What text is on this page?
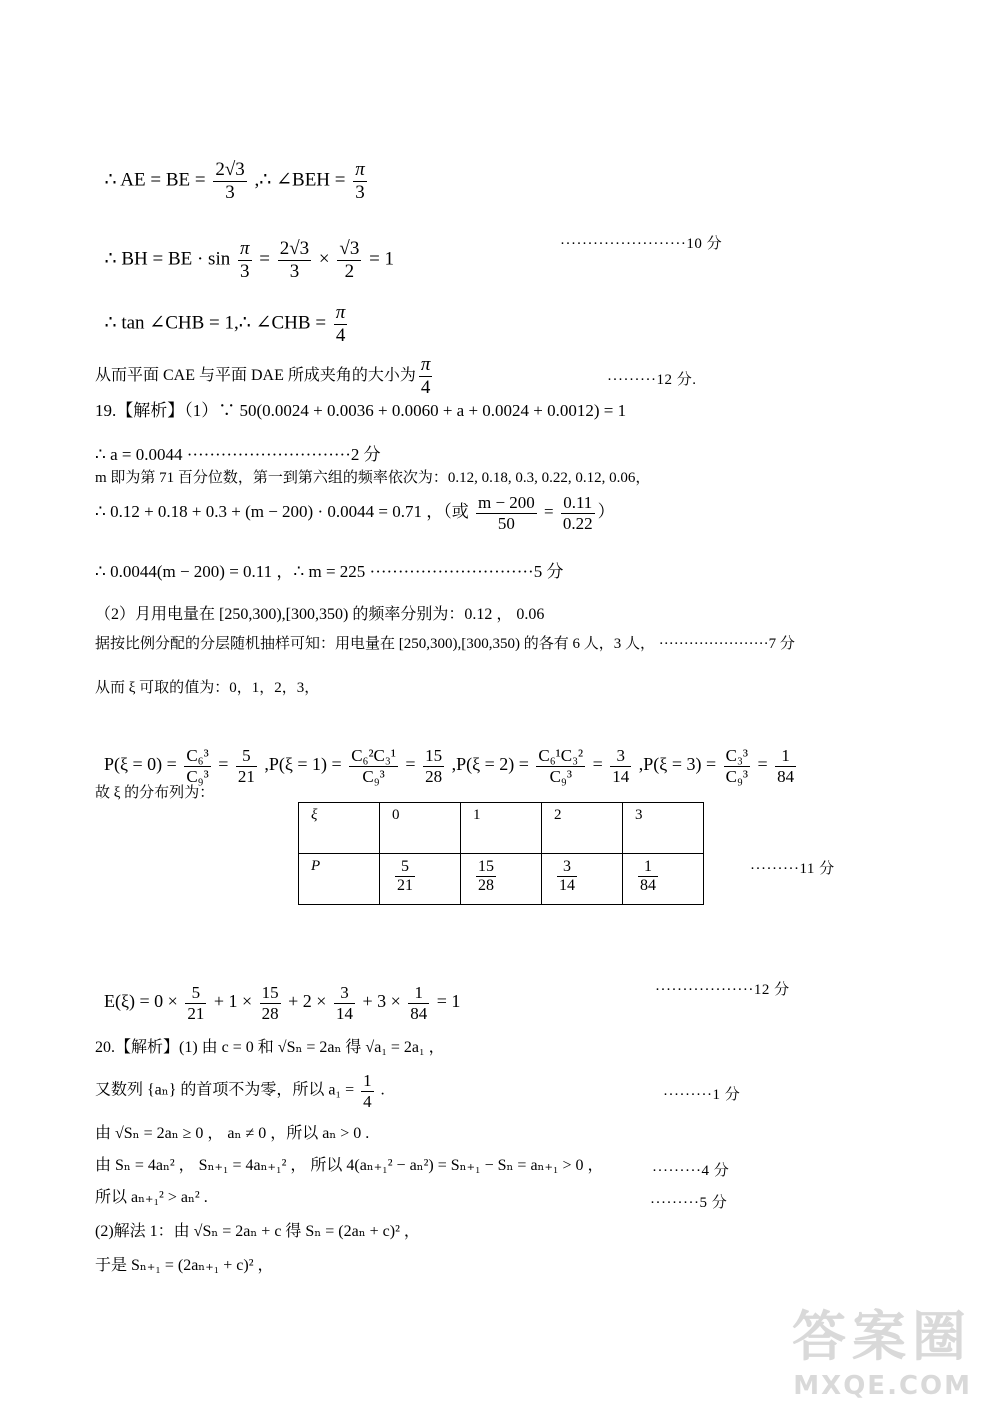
∴ AE = BE = $\frac{2√3}{3}$ ,∴ ∠BEH = $\frac{\pi}{3}$

∴ BH = BE · $\sin \frac{\pi}{3} = \frac{2√3}{3} \times \frac{√3}{2} = 1$

·······················10 分

∴ tan ∠CHB = 1,∴ ∠CHB = $\frac{\pi}{4}$

从而平面 CAE 与平面 DAE 所成夹角的大小为 $\frac{\pi}{4}$	·········12 分.
19.【解析】（1）∵ 50(0.0024 + 0.0036 + 0.0060 + a + 0.0024 + 0.0012) = 1
∴ a = 0.0044 ·····························2 分
m 即为第 71 百分位数，第一到第六组的频率依次为：0.12, 0.18, 0.3, 0.22, 0.12, 0.06，
∴ 0.12 + 0.18 + 0.3 + (m − 200) · 0.0044 = 0.71 ，（或 $\frac{m - 200}{50} = \frac{0.11}{0.22}$ ）
∴ 0.0044(m − 200) = 0.11 ，∴ m = 225 ·····························5 分
（2）月用电量在 [250,300),[300,350) 的频率分别为：0.12 ， 0.06
据按比例分配的分层随机抽样可知：用电量在 [250,300),[300,350) 的各有 6 人，3 人， ······················7 分
从而 ξ 可取的值为：0，1，2，3，

$P(\xi = 0) = \frac{\text{C₆³}}{\text{C₉³}} = \frac{5}{21} ,P(\xi = 1) = \frac{\text{C₆²C₃¹}}{\text{C₉³}} = \frac{15}{28} ,P(\xi = 2) = \frac{\text{C₆¹C₃²}}{\text{C₉³}} = \frac{3}{14} ,P(\xi = 3) = \frac{\text{C₃³}}{\text{C₉³}} = \frac{1}{84}$

故 ξ 的分布列为：
ξ	0	1	2	3
P	$\frac{5}{21}$	$\frac{15}{28}$	$\frac{3}{14}$	$\frac{1}{84}$	·········11 分

$E(\xi) = 0 \times \frac{5}{21} + 1 \times \frac{15}{28} + 2 \times \frac{3}{14} + 3 \times \frac{1}{84} = 1$

··················12 分
20.【解析】(1) 由 c = 0 和 √Sₙ = 2aₙ 得 √a₁ = 2a₁ ，
又数列 {aₙ} 的首项不为零，所以 $a_1 = \frac{1}{4}$ .	·········1 分
由 √Sₙ = 2aₙ ≥ 0 ， aₙ ≠ 0 ，所以 aₙ > 0 .
由 Sₙ = 4aₙ² ， Sₙ₊₁ = 4aₙ₊₁² ， 所以 4(aₙ₊₁² − aₙ²) = Sₙ₊₁ − Sₙ = aₙ₊₁ > 0 ，	·········4 分
所以 aₙ₊₁² > aₙ² .	·········5 分
(2)解法 1：由 √Sₙ = 2aₙ + c 得 Sₙ = (2aₙ + c)² ，
于是 Sₙ₊₁ = (2aₙ₊₁ + c)² ，
答案圈
MXQE.COM
